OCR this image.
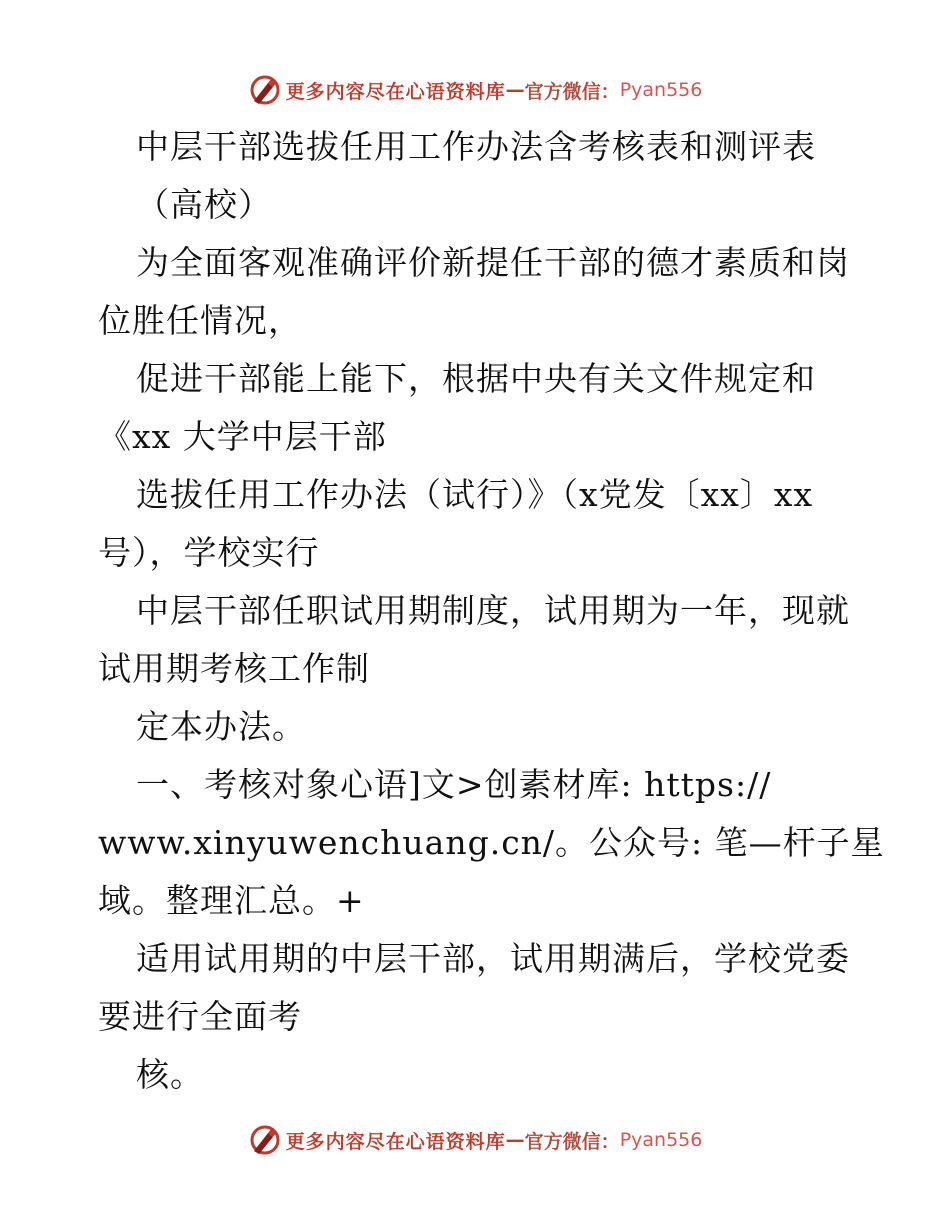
更多内容尽在心语资料库 — 官方微信： Pyan556
中层干部选拔任用工作办法含考核表和测评表
（高校）
为全面客观准确评价新提任干部的德才素质和岗
位胜任情况，
促进干部能上能下，根据中央有关文件规定和
《xx 大学中层干部
选拔任用工作办法（试行）》（x党发〔xx〕xx
号），学校实行
中层干部任职试用期制度，试用期为一年，现就
试用期考核工作制
定本办法。
一、考核对象心语]文>创素材库: https://
www.xinyuwenchuang.cn/。公众号: 笔—杆子星
域。整理汇总。+
适用试用期的中层干部，试用期满后，学校党委
要进行全面考
核。
更多内容尽在心语资料库 — 官方微信： Pyan556
